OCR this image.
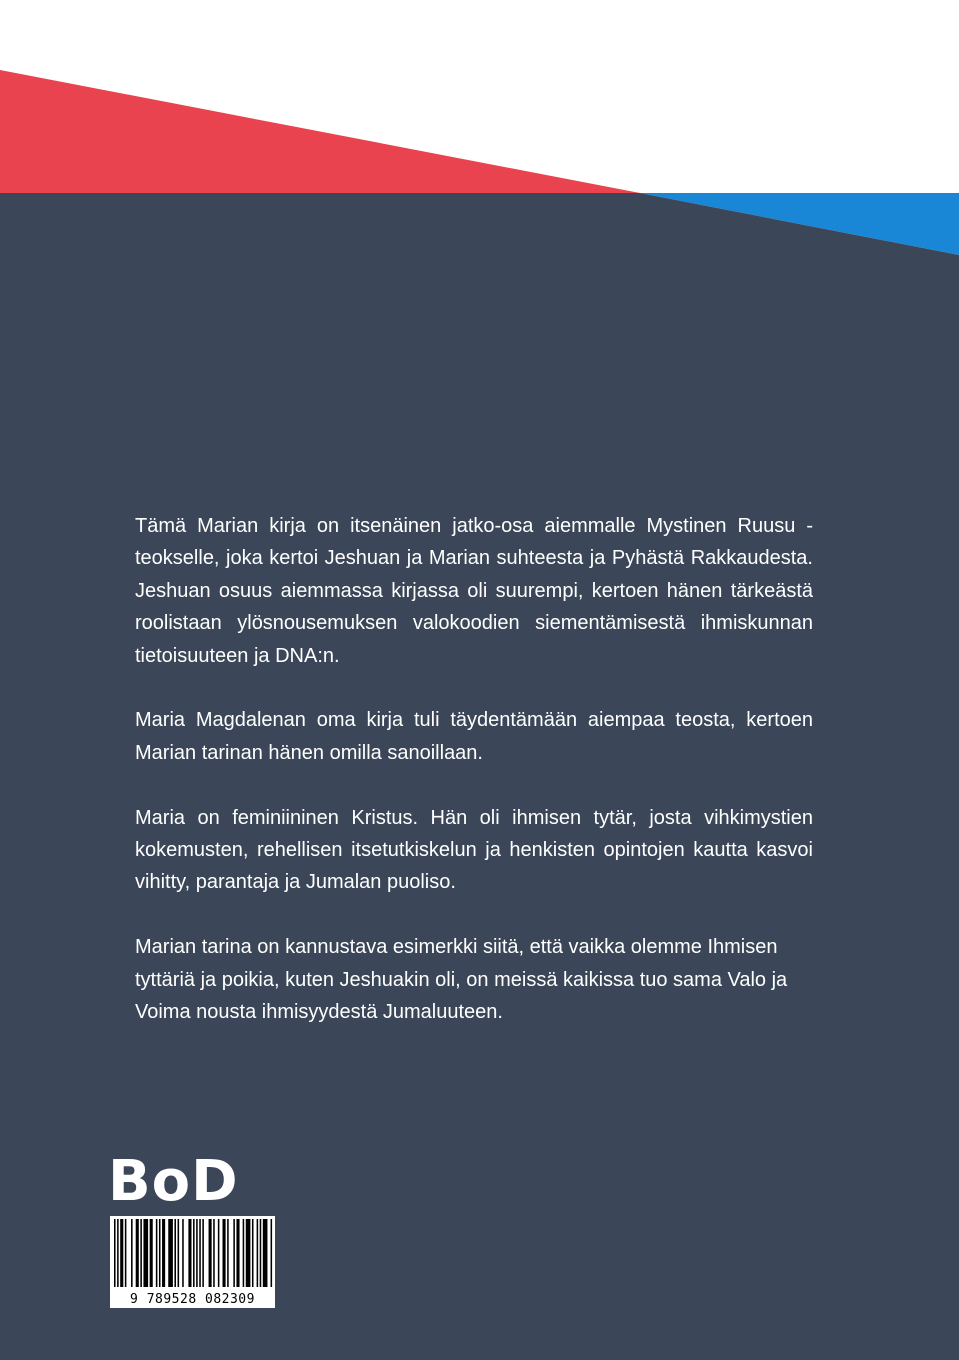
Tämä Marian kirja on itsenäinen jatko-osa aiemmalle Mystinen Ruusu - teokselle, joka kertoi Jeshuan ja Marian suhteesta ja Pyhästä Rakkaudesta. Jeshuan osuus aiemmassa kirjassa oli suurempi, kertoen hänen tärkeästä roolistaan ylösnousemuksen valokoodien siementämisestä ihmiskunnan tietoisuuteen ja DNA:n.

Maria Magdalenan oma kirja tuli täydentämään aiempaa teosta, kertoen Marian tarinan hänen omilla sanoillaan.

Maria on feminiininen Kristus. Hän oli ihmisen tytär, josta vihkimystien kokemusten, rehellisen itsetutkiskelun ja henkisten opintojen kautta kasvoi vihitty, parantaja ja Jumalan puoliso.

Marian tarina on kannustava esimerkki siitä, että vaikka olemme Ihmisen tyttäriä ja poikia, kuten Jeshuakin oli, on meissä kaikissa tuo sama Valo ja Voima nousta ihmisyydestä Jumaluuteen.

BoD
9 789528 082309
